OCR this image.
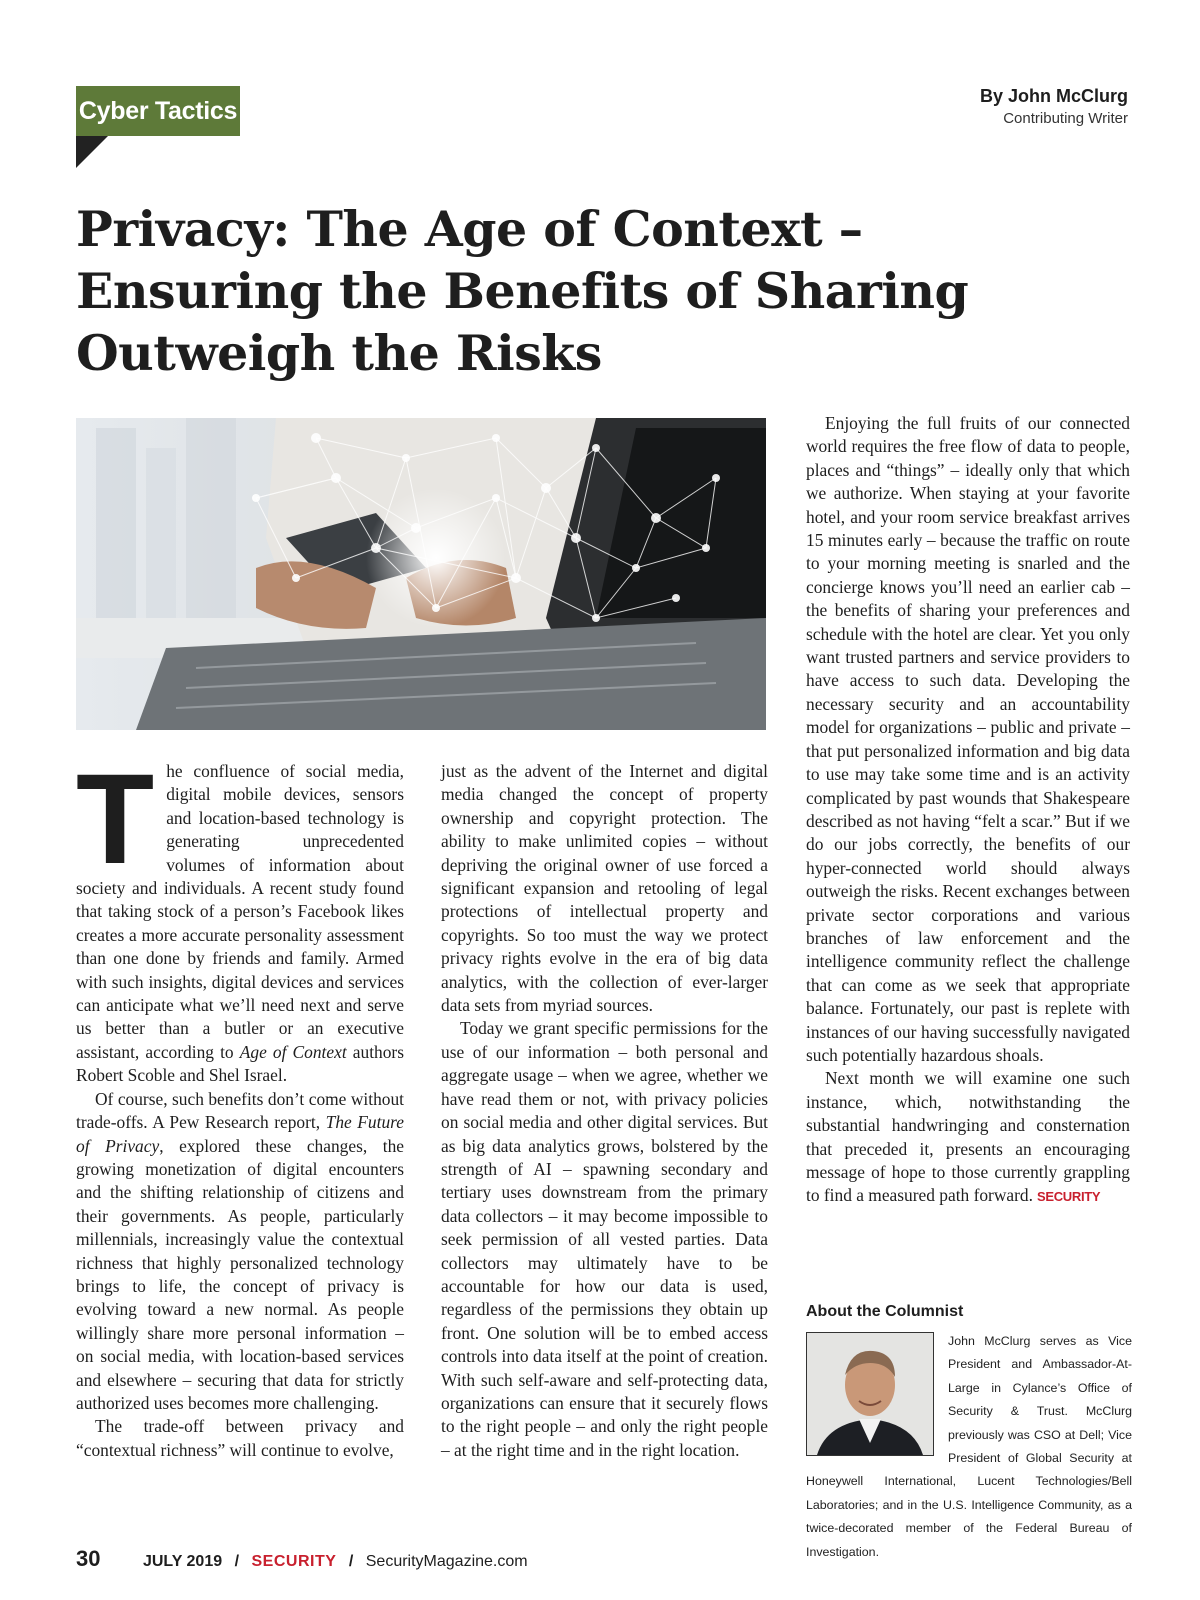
Cyber Tactics
By John McClurg
Contributing Writer
Privacy: The Age of Context –
Ensuring the Benefits of Sharing
Outweigh the Risks

The confluence of social media, digital mobile devices, sensors and location-based technology is generating unprecedented volumes of information about society and individuals. A recent study found that taking stock of a person’s Facebook likes creates a more accurate personality assessment than one done by friends and family. Armed with such insights, digital devices and services can anticipate what we’ll need next and serve us better than a butler or an executive assistant, according to Age of Context authors Robert Scoble and Shel Israel.

Of course, such benefits don’t come without trade-offs. A Pew Research report, The Future of Privacy, explored these changes, the growing monetization of digital encounters and the shifting relationship of citizens and their governments. As people, particularly millennials, increasingly value the contextual richness that highly personalized technology brings to life, the concept of privacy is evolving toward a new normal. As people willingly share more personal information – on social media, with location-based services and elsewhere – securing that data for strictly authorized uses becomes more challenging.

The trade-off between privacy and “contextual richness” will continue to evolve,

just as the advent of the Internet and digital media changed the concept of property ownership and copyright protection. The ability to make unlimited copies – without depriving the original owner of use forced a significant expansion and retooling of legal protections of intellectual property and copyrights. So too must the way we protect privacy rights evolve in the era of big data analytics, with the collection of ever-larger data sets from myriad sources.

Today we grant specific permissions for the use of our information – both personal and aggregate usage – when we agree, whether we have read them or not, with privacy policies on social media and other digital services. But as big data analytics grows, bolstered by the strength of AI – spawning secondary and tertiary uses downstream from the primary data collectors – it may become impossible to seek permission of all vested parties. Data collectors may ultimately have to be accountable for how our data is used, regardless of the permissions they obtain up front. One solution will be to embed access controls into data itself at the point of creation. With such self-aware and self-protecting data, organizations can ensure that it securely flows to the right people – and only the right people – at the right time and in the right location.

Enjoying the full fruits of our connected world requires the free flow of data to people, places and “things” – ideally only that which we authorize. When staying at your favorite hotel, and your room service breakfast arrives 15 minutes early – because the traffic on route to your morning meeting is snarled and the concierge knows you’ll need an earlier cab – the benefits of sharing your preferences and schedule with the hotel are clear. Yet you only want trusted partners and service providers to have access to such data. Developing the necessary security and an accountability model for organizations – public and private – that put personalized information and big data to use may take some time and is an activity complicated by past wounds that Shakespeare described as not having “felt a scar.” But if we do our jobs correctly, the benefits of our hyper-connected world should always outweigh the risks. Recent exchanges between private sector corporations and various branches of law enforcement and the intelligence community reflect the challenge that can come as we seek that appropriate balance. Fortunately, our past is replete with instances of our having successfully navigated such potentially hazardous shoals.

Next month we will examine one such instance, which, notwithstanding the substantial handwringing and consternation that preceded it, presents an encouraging message of hope to those currently grappling to find a measured path forward. SECURITY

About the Columnist

John McClurg serves as Vice President and Ambassador-At-Large in Cylance’s Office of Security & Trust. McClurg previously was CSO at Dell; Vice President of Global Security at Honeywell International, Lucent Technologies/Bell Laboratories; and in the U.S. Intelligence Community, as a twice-decorated member of the Federal Bureau of Investigation.

30	JULY 2019 / SECURITY / SecurityMagazine.com
